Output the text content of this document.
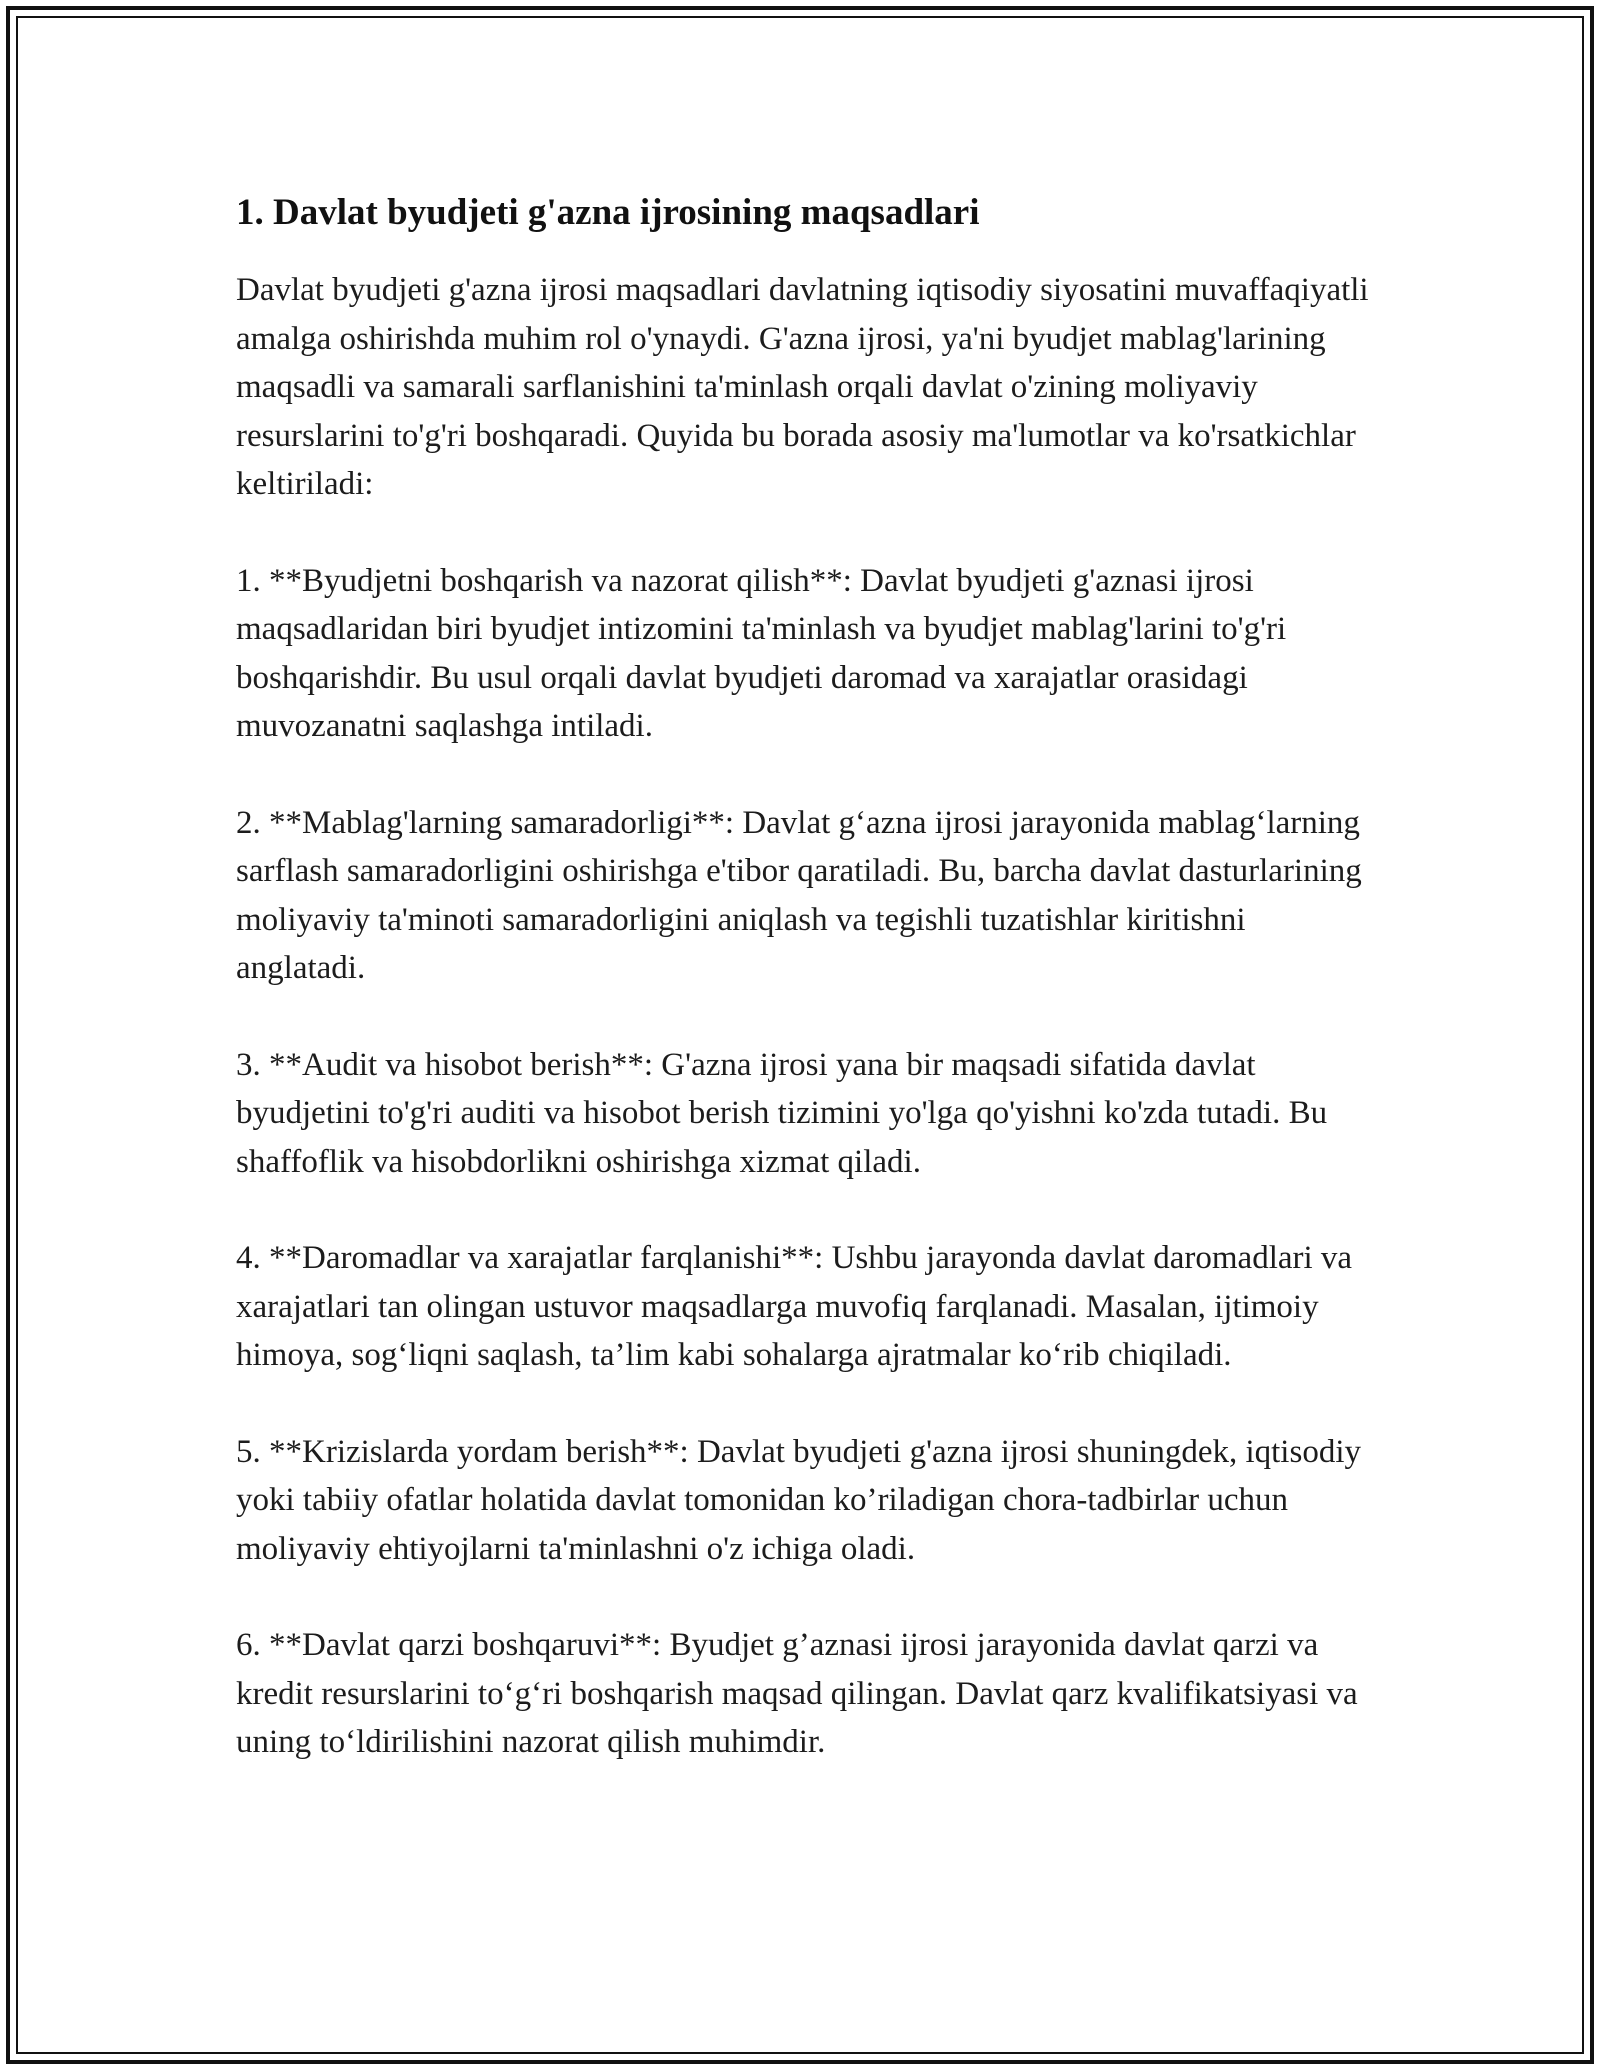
1. Davlat byudjeti g'azna ijrosining maqsadlari

Davlat byudjeti g'azna ijrosi maqsadlari davlatning iqtisodiy siyosatini muvaffaqiyatli amalga oshirishda muhim rol o'ynaydi. G'azna ijrosi, ya'ni byudjet mablag'larining maqsadli va samarali sarflanishini ta'minlash orqali davlat o'zining moliyaviy resurslarini to'g'ri boshqaradi. Quyida bu borada asosiy ma'lumotlar va ko'rsatkichlar keltiriladi:

1. **Byudjetni boshqarish va nazorat qilish**: Davlat byudjeti g'aznasi ijrosi maqsadlaridan biri byudjet intizomini ta'minlash va byudjet mablag'larini to'g'ri boshqarishdir. Bu usul orqali davlat byudjeti daromad va xarajatlar orasidagi muvozanatni saqlashga intiladi.

2. **Mablag'larning samaradorligi**: Davlat g‘azna ijrosi jarayonida mablag‘larning sarflash samaradorligini oshirishga e'tibor qaratiladi. Bu, barcha davlat dasturlarining moliyaviy ta'minoti samaradorligini aniqlash va tegishli tuzatishlar kiritishni anglatadi.

3. **Audit va hisobot berish**: G'azna ijrosi yana bir maqsadi sifatida davlat byudjetini to'g'ri auditi va hisobot berish tizimini yo'lga qo'yishni ko'zda tutadi. Bu shaffoflik va hisobdorlikni oshirishga xizmat qiladi.

4. **Daromadlar va xarajatlar farqlanishi**: Ushbu jarayonda davlat daromadlari va xarajatlari tan olingan ustuvor maqsadlarga muvofiq farqlanadi. Masalan, ijtimoiy himoya, sog‘liqni saqlash, ta’lim kabi sohalarga ajratmalar ko‘rib chiqiladi.

5. **Krizislarda yordam berish**: Davlat byudjeti g'azna ijrosi shuningdek, iqtisodiy yoki tabiiy ofatlar holatida davlat tomonidan ko’riladigan chora-tadbirlar uchun moliyaviy ehtiyojlarni ta'minlashni o'z ichiga oladi.

6. **Davlat qarzi boshqaruvi**: Byudjet g’aznasi ijrosi jarayonida davlat qarzi va kredit resurslarini to‘g‘ri boshqarish maqsad qilingan. Davlat qarz kvalifikatsiyasi va uning to‘ldirilishini nazorat qilish muhimdir.
